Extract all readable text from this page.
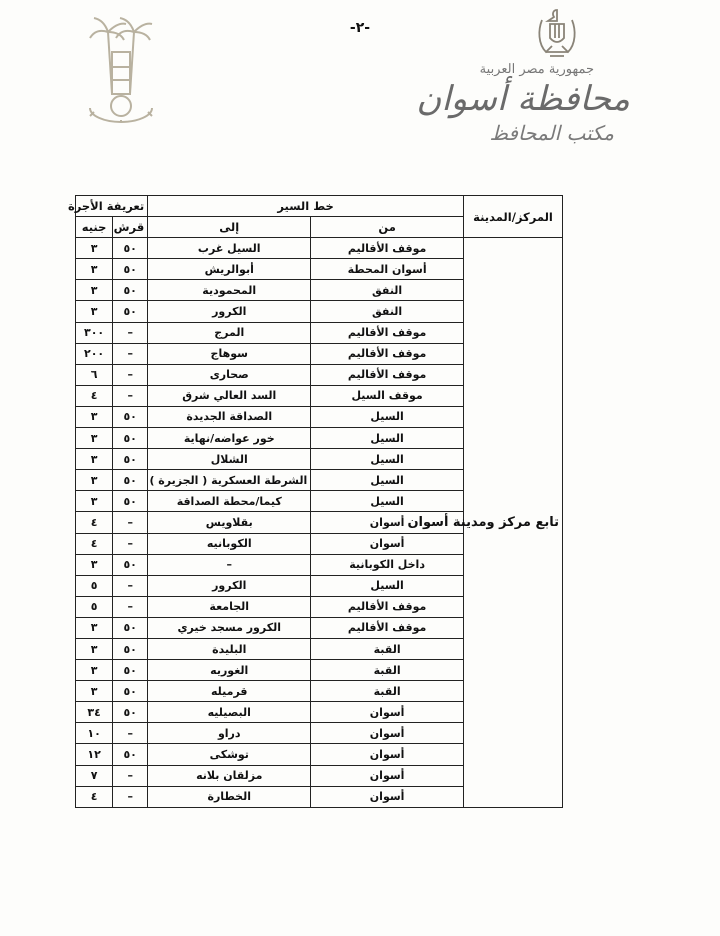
-٢-
جمهورية مصر العربية
محافظة أسوان
مكتب المحافظ
المركز/المدينة	خط السير		تعريفة الأجرة	
	من	إلى	قرش	جنيه
تابع مركز ومدينة أسوان	موقف الأقاليم	السيل غرب	٥٠	٣
	أسوان المحطة	أبوالريش	٥٠	٣
	النفق	المحمودية	٥٠	٣
	النفق	الكرور	٥٠	٣
	موقف الأقاليم	المرج	–	٣٠٠
	موقف الأقاليم	سوهاج	–	٢٠٠
	موقف الأقاليم	صحارى	–	٦
	موقف السيل	السد العالي شرق	–	٤
	السيل	الصداقة الجديدة	٥٠	٣
	السيل	خور عواضه/نهاية	٥٠	٣
	السيل	الشلال	٥٠	٣
	السيل	الشرطة العسكرية ( الجزيرة )	٥٠	٣
	السيل	كيما/محطة الصداقة	٥٠	٣
	أسوان	بقلاويس	–	٤
	أسوان	الكوبانيه	–	٤
	داخل الكوبانية	–	٥٠	٣
	السيل	الكرور	–	٥
	موقف الأقاليم	الجامعة	–	٥
	موقف الأقاليم	الكرور مسجد خيري	٥٠	٣
	القبة	البليدة	٥٠	٣
	القبة	الغوريه	٥٠	٣
	القبة	قرميله	٥٠	٣
	أسوان	البصيليه	٥٠	٣٤
	أسوان	دراو	–	١٠
	أسوان	توشكى	٥٠	١٢
	أسوان	مزلقان بلانه	–	٧
	أسوان	الخطارة	–	٤
